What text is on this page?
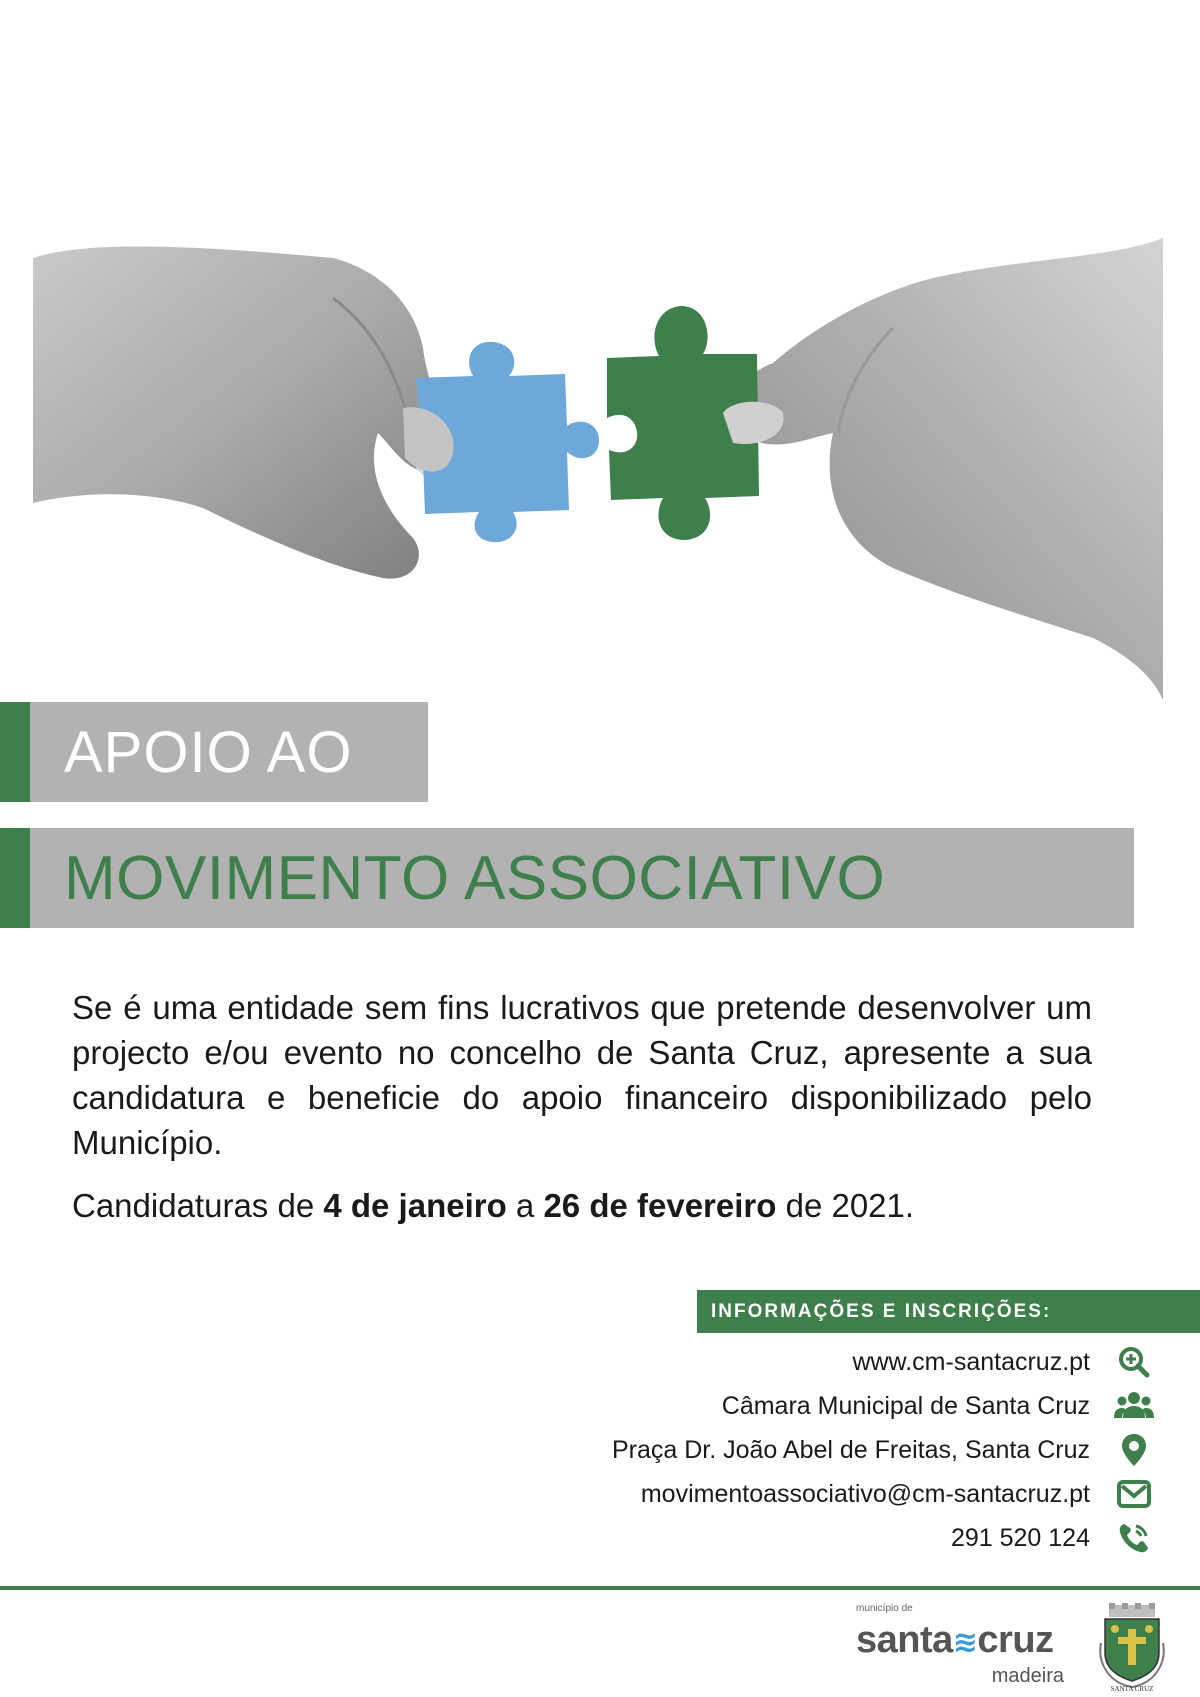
APOIO AO
MOVIMENTO ASSOCIATIVO

Se é uma entidade sem fins lucrativos que pretende desenvolver um projecto e/ou evento no concelho de Santa Cruz, apresente a sua candidatura e beneficie do apoio financeiro disponibilizado pelo Município.

Candidaturas de 4 de janeiro a 26 de fevereiro de 2021.

INFORMAÇÕES E INSCRIÇÕES:
www.cm-santacruz.pt
Câmara Municipal de Santa Cruz
Praça Dr. João Abel de Freitas, Santa Cruz
movimentoassociativo@cm-santacruz.pt
291 520 124
município de
santa≋cruz
madeira
SANTA CRUZ
